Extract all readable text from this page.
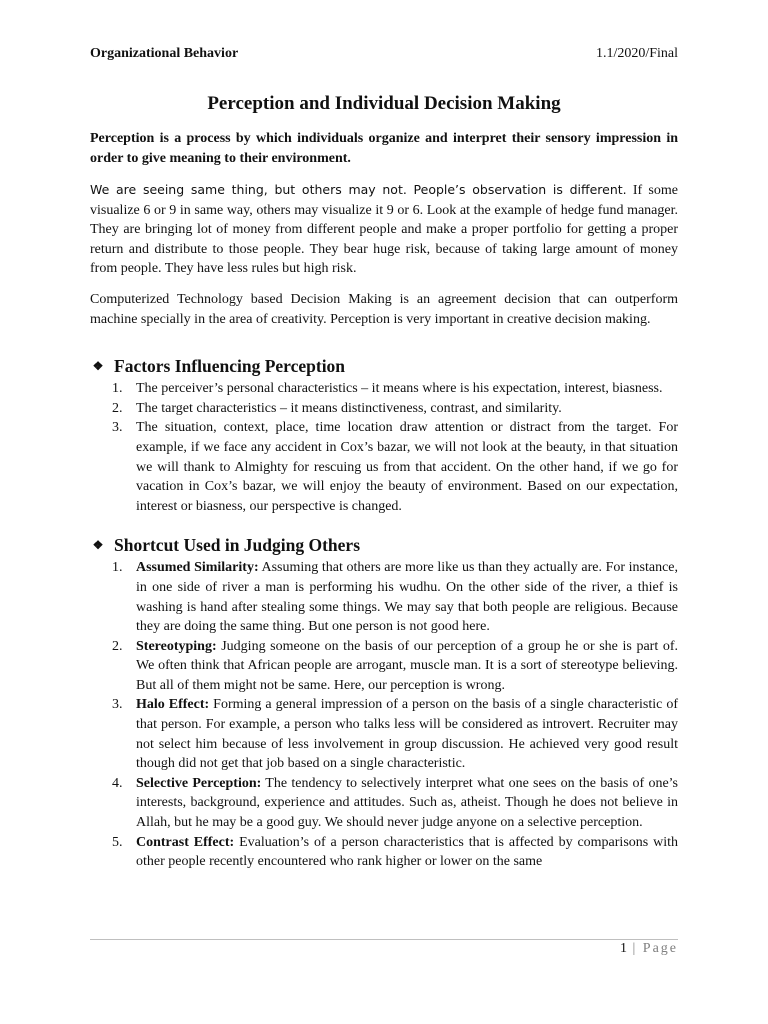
Organizational Behavior	1.1/2020/Final
Perception and Individual Decision Making

Perception is a process by which individuals organize and interpret their sensory impression in order to give meaning to their environment.

We are seeing same thing, but others may not. People’s observation is different. If some visualize 6 or 9 in same way, others may visualize it 9 or 6. Look at the example of hedge fund manager. They are bringing lot of money from different people and make a proper portfolio for getting a proper return and distribute to those people. They bear huge risk, because of taking large amount of money from people. They have less rules but high risk.

Computerized Technology based Decision Making is an agreement decision that can outperform machine specially in the area of creativity. Perception is very important in creative decision making.

❖ Factors Influencing Perception
1. The perceiver’s personal characteristics – it means where is his expectation, interest, biasness.
2. The target characteristics – it means distinctiveness, contrast, and similarity.
3. The situation, context, place, time location draw attention or distract from the target. For example, if we face any accident in Cox’s bazar, we will not look at the beauty, in that situation we will thank to Almighty for rescuing us from that accident. On the other hand, if we go for vacation in Cox’s bazar, we will enjoy the beauty of environment. Based on our expectation, interest or biasness, our perspective is changed.
❖ Shortcut Used in Judging Others
1. Assumed Similarity: Assuming that others are more like us than they actually are. For instance, in one side of river a man is performing his wudhu. On the other side of the river, a thief is washing is hand after stealing some things. We may say that both people are religious. Because they are doing the same thing. But one person is not good here.
2. Stereotyping: Judging someone on the basis of our perception of a group he or she is part of. We often think that African people are arrogant, muscle man. It is a sort of stereotype believing. But all of them might not be same. Here, our perception is wrong.
3. Halo Effect: Forming a general impression of a person on the basis of a single characteristic of that person. For example, a person who talks less will be considered as introvert. Recruiter may not select him because of less involvement in group discussion. He achieved very good result though did not get that job based on a single characteristic.
4. Selective Perception: The tendency to selectively interpret what one sees on the basis of one’s interests, background, experience and attitudes. Such as, atheist. Though he does not believe in Allah, but he may be a good guy. We should never judge anyone on a selective perception.
5. Contrast Effect: Evaluation’s of a person characteristics that is affected by comparisons with other people recently encountered who rank higher or lower on the same
1 | Page
